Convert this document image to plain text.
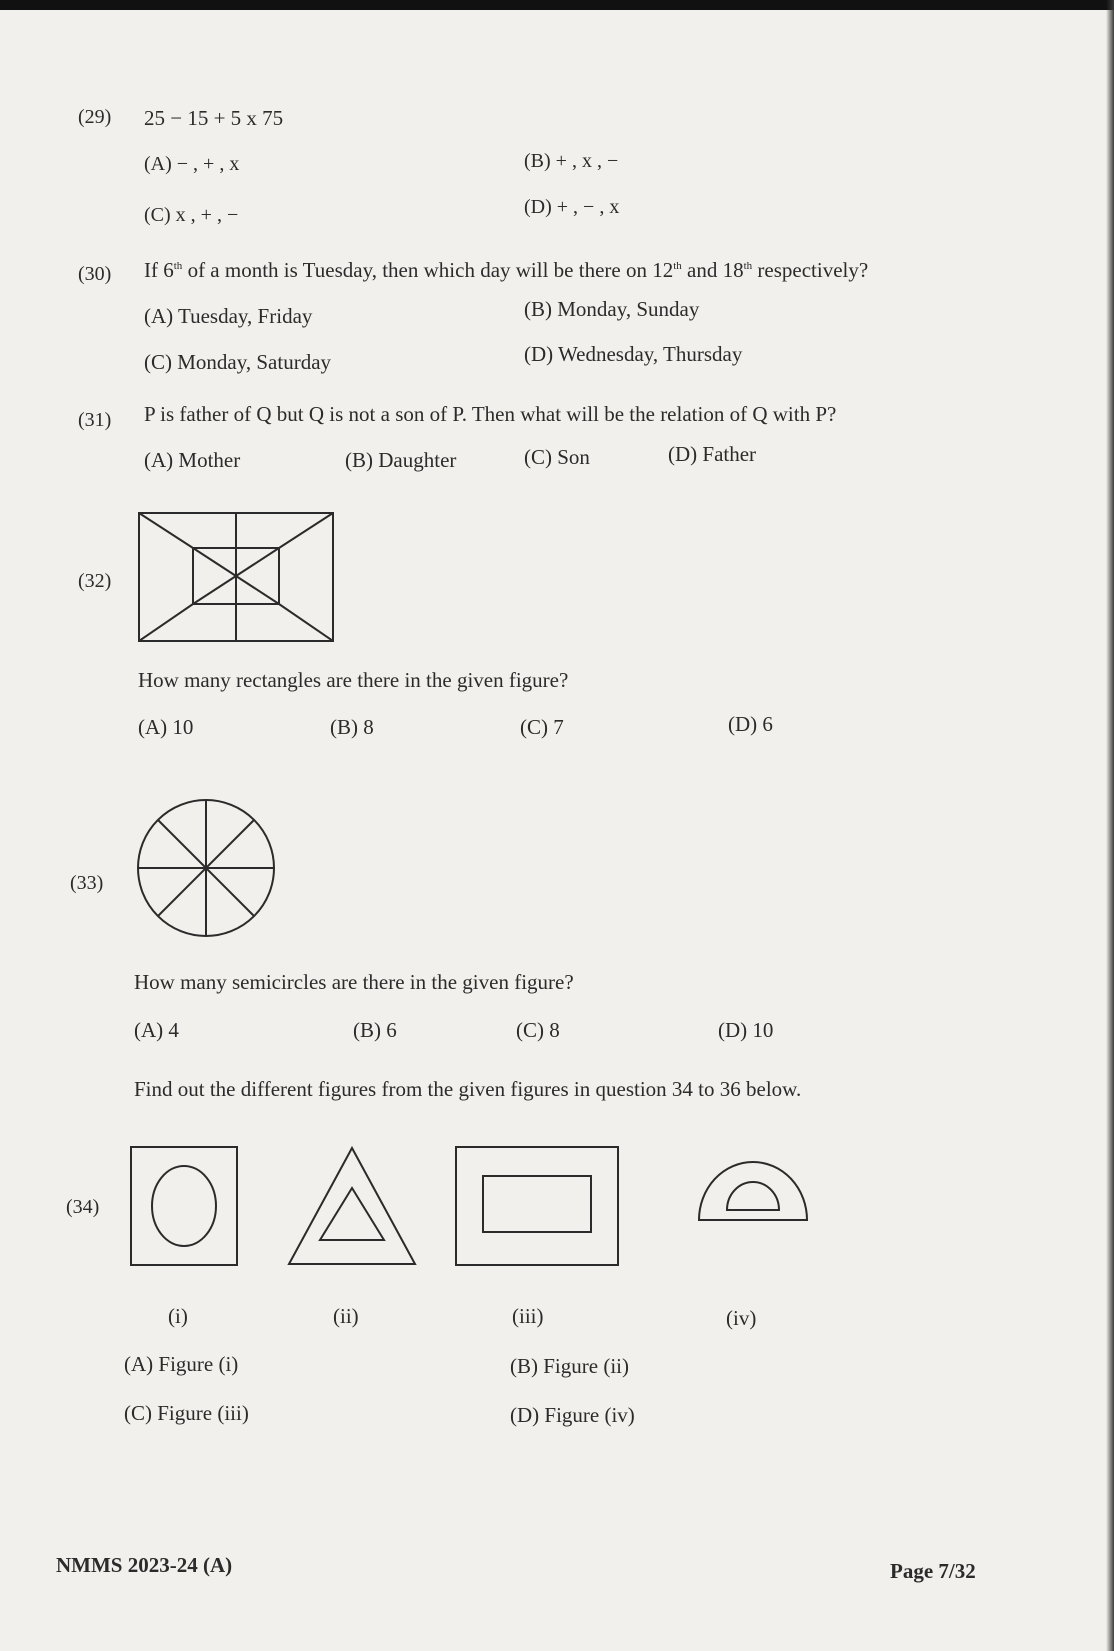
(29) 25 − 15 + 5 x 75
(A) − , + , x	(B) + , x , −
(C) x , + , −	(D) + , − , x
(30) If 6th of a month is Tuesday, then which day will be there on 12th and 18th respectively?
(A) Tuesday, Friday	(B) Monday, Sunday
(C) Monday, Saturday	(D) Wednesday, Thursday
(31) P is father of Q but Q is not a son of P. Then what will be the relation of Q with P?
(A) Mother	(B) Daughter	(C) Son	(D) Father
(32)
How many rectangles are there in the given figure?
(A) 10	(B) 8	(C) 7	(D) 6
(33)
How many semicircles are there in the given figure?
(A) 4	(B) 6	(C) 8	(D) 10
Find out the different figures from the given figures in question 34 to 36 below.
(34)
(i)	(ii)	(iii)	(iv)
(A) Figure (i)	(B) Figure (ii)
(C) Figure (iii)	(D) Figure (iv)
NMMS 2023-24 (A)	Page 7/32
